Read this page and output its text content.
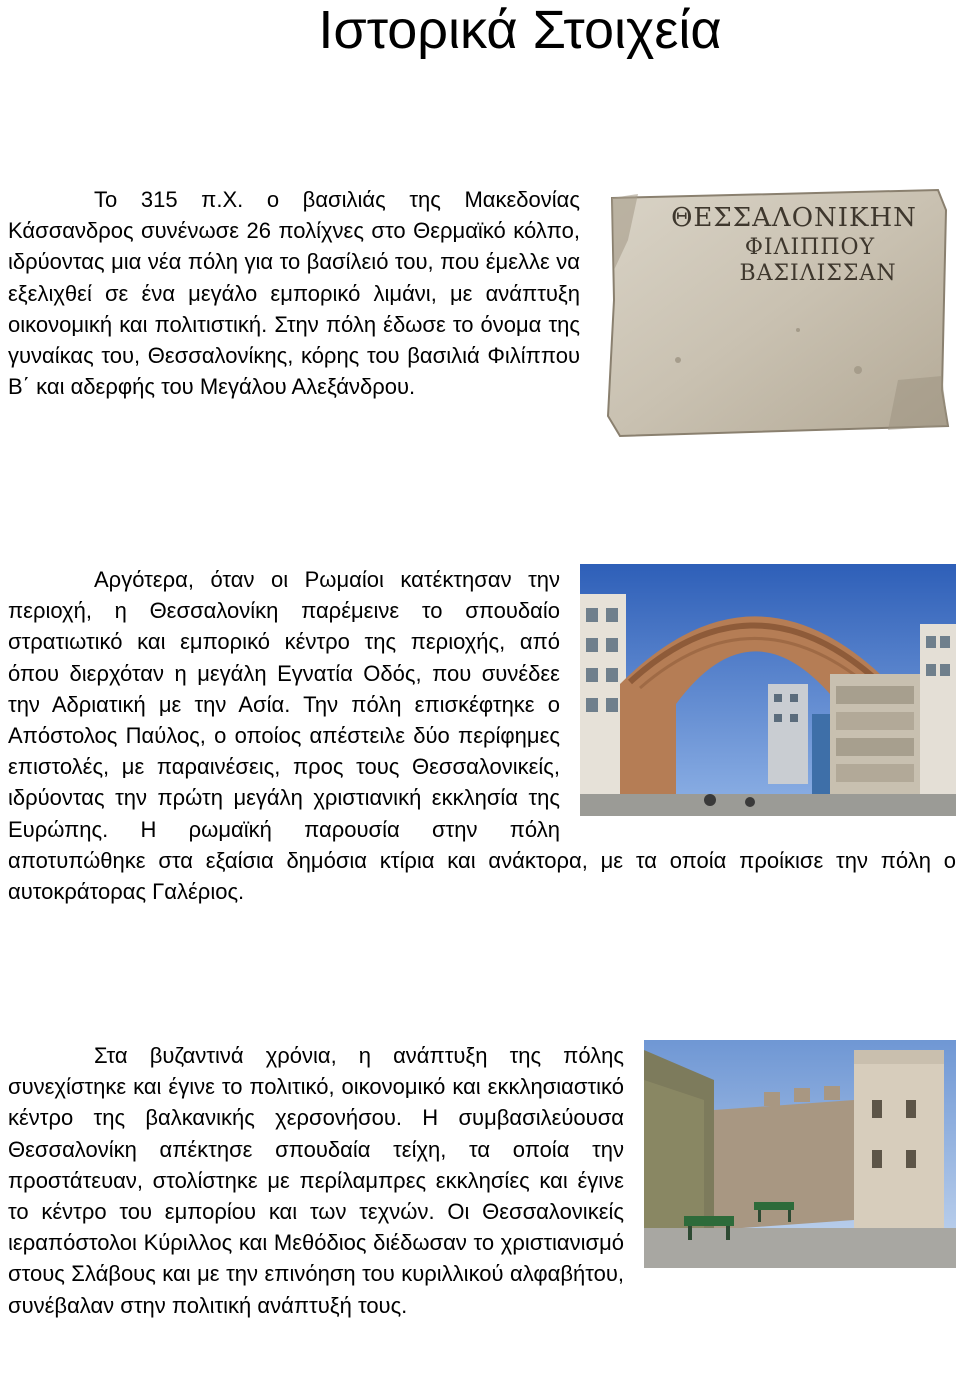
Ιστορικά Στοιχεία
ΘΕΣΣΑΛΟΝΙΚΗΝ
ΦΙΛΙΠΠΟΥ
ΒΑΣΙΛΙΣΣΑΝ

Το 315 π.Χ. ο βασιλιάς της Μακεδονίας Κάσσανδρος συνένωσε 26 πολίχνες στο Θερμαϊκό κόλπο, ιδρύοντας μια νέα πόλη για το βασίλειό του, που έμελλε να εξελιχθεί σε ένα μεγάλο εμπορικό λιμάνι, με ανάπτυξη οικονομική και πολιτιστική. Στην πόλη έδωσε το όνομα της γυναίκας του, Θεσσαλονίκης, κόρης του βασιλιά Φιλίππου Β΄ και αδερφής του Μεγάλου Αλεξάνδρου.

Αργότερα, όταν οι Ρωμαίοι κατέκτησαν την περιοχή, η Θεσσαλονίκη παρέμεινε το σπουδαίο στρατιωτικό και εμπορικό κέντρο της περιοχής, από όπου διερχόταν η μεγάλη Εγνατία Οδός, που συνέδεε την Αδριατική με την Ασία. Την πόλη επισκέφτηκε ο Απόστολος Παύλος, ο οποίος απέστειλε δύο περίφημες επιστολές, με παραινέσεις, προς τους Θεσσαλονικείς, ιδρύοντας την πρώτη μεγάλη χριστιανική εκκλησία της Ευρώπης. Η ρωμαϊκή παρουσία στην πόλη αποτυπώθηκε στα εξαίσια δημόσια κτίρια και ανάκτορα, με τα οποία προίκισε την πόλη ο αυτοκράτορας Γαλέριος.
Στα βυζαντινά χρόνια, η ανάπτυξη της πόλης συνεχίστηκε και έγινε το πολιτικό, οικονομικό και εκκλησιαστικό κέντρο της βαλκανικής χερσονήσου. Η συμβασιλεύουσα Θεσσαλονίκη απέκτησε σπουδαία τείχη, τα οποία την προστάτευαν, στολίστηκε με περίλαμπρες εκκλησίες και έγινε το κέντρο του εμπορίου και των τεχνών. Οι Θεσσαλονικείς ιεραπόστολοι Κύριλλος και Μεθόδιος διέδωσαν το χριστιανισμό στους Σλάβους και με την επινόηση του κυριλλικού αλφαβήτου, συνέβαλαν στην πολιτική ανάπτυξή τους.
